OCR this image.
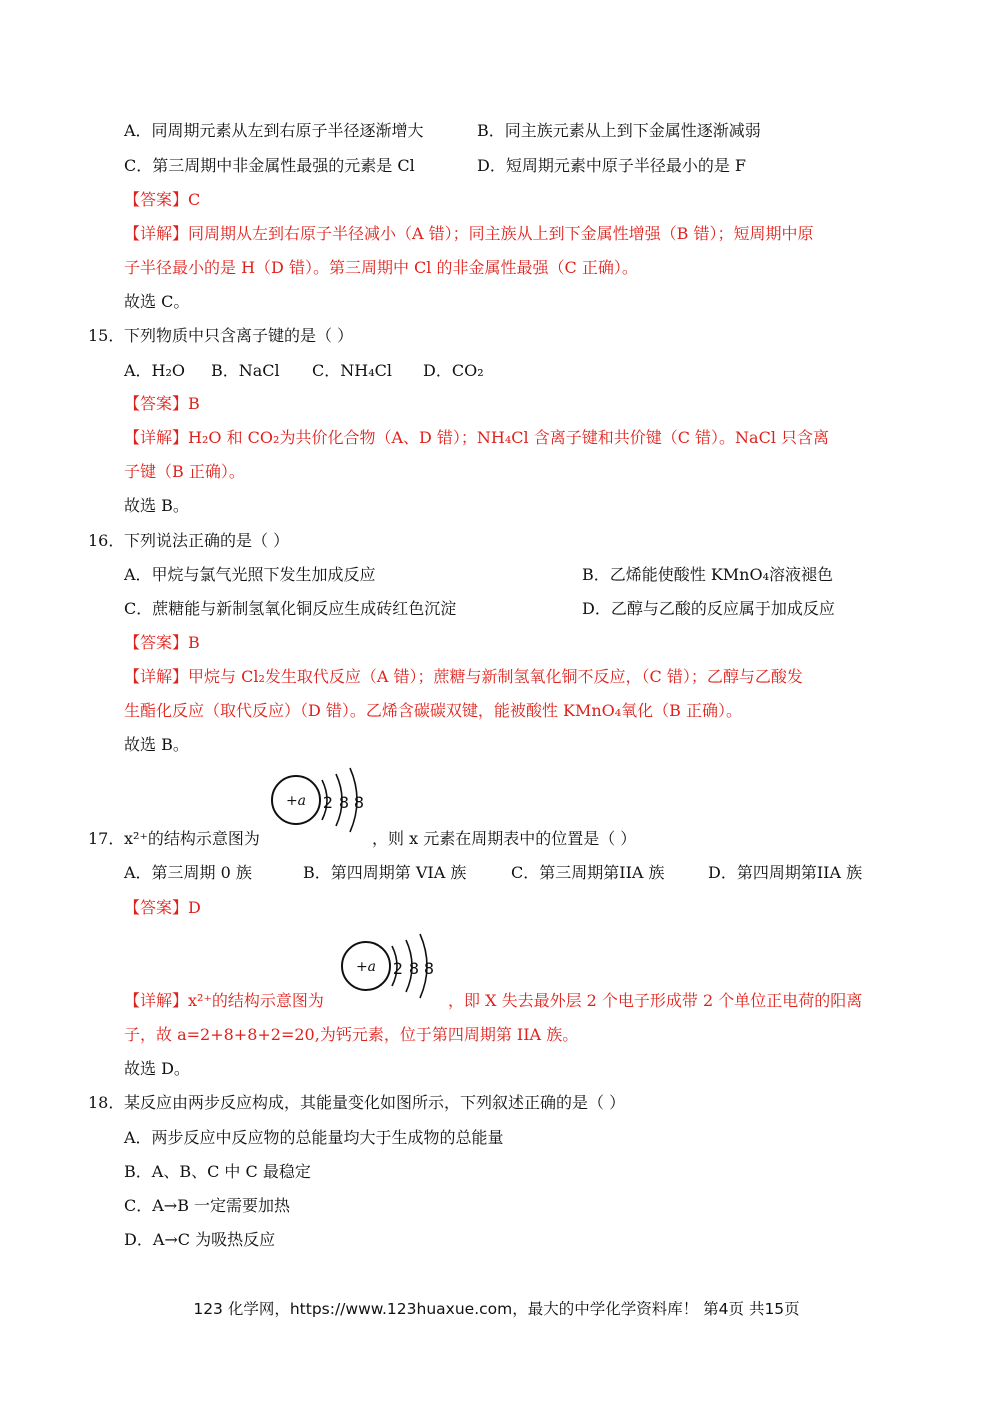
A．同周期元素从左到右原子半径逐渐增大	B．同主族元素从上到下金属性逐渐减弱
C．第三周期中非金属性最强的元素是 Cl	D．短周期元素中原子半径最小的是 F
【答案】C
【详解】同周期从左到右原子半径减小（A 错）；同主族从上到下金属性增强（B 错）；短周期中原
子半径最小的是 H（D 错）。第三周期中 Cl 的非金属性最强（C 正确）。
故选 C。
15． 下列物质中只含离子键的是（ ）
A．H₂O B．NaCl C．NH₄Cl D．CO₂
【答案】B
【详解】H₂O 和 CO₂为共价化合物（A、D 错）；NH₄Cl 含离子键和共价键（C 错）。NaCl 只含离
子键（B 正确）。
故选 B。
16． 下列说法正确的是（ ）
A．甲烷与氯气光照下发生加成反应	B．乙烯能使酸性 KMnO₄溶液褪色
C．蔗糖能与新制氢氧化铜反应生成砖红色沉淀	D．乙醇与乙酸的反应属于加成反应
【答案】B
【详解】甲烷与 Cl₂发生取代反应（A 错）；蔗糖与新制氢氧化铜不反应，（C 错）；乙醇与乙酸发
生酯化反应（取代反应）（D 错）。乙烯含碳碳双键，能被酸性 KMnO₄氧化（B 正确）。
故选 B。
+a 2 8 8
17． x²⁺的结构示意图为	，则 x 元素在周期表中的位置是（ ）
A．第三周期 0 族	B．第四周期第 VIA 族	C．第三周期第IIA 族	D．第四周期第IIA 族
【答案】D
+a 2 8 8
【详解】x²⁺的结构示意图为	，即 X 失去最外层 2 个电子形成带 2 个单位正电荷的阳离
子，故 a=2+8+8+2=20,为钙元素，位于第四周期第 IIA 族。
故选 D。
18． 某反应由两步反应构成，其能量变化如图所示，下列叙述正确的是（ ）
A．两步反应中反应物的总能量均大于生成物的总能量
B．A、B、C 中 C 最稳定
C．A→B 一定需要加热
D．A→C 为吸热反应
123 化学网，https://www.123huaxue.com，最大的中学化学资料库！ 第4页 共15页
